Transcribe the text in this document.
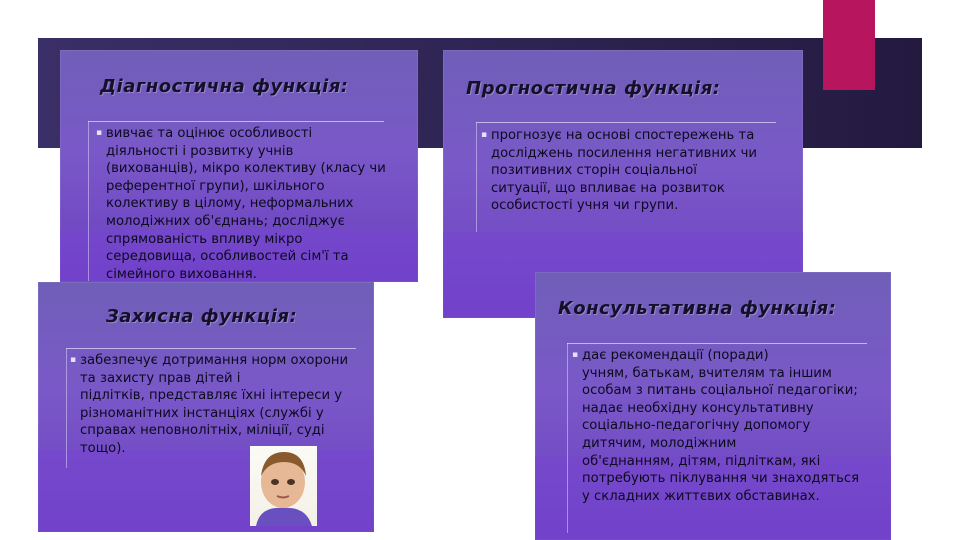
Діагностична функція:
▪ вивчає та оцінює особливості
діяльності і розвитку учнів
(вихованців), мікро колективу (класу чи
референтної групи), шкільного
колективу в цілому, неформальних
молодіжних об'єднань; досліджує
спрямованість впливу мікро
середовища, особливостей сім'ї та
сімейного виховання.
Прогностична функція:
▪ прогнозує на основі спостережень та
досліджень посилення негативних чи
позитивних сторін соціальної
ситуації, що впливає на розвиток
особистості учня чи групи.
Захисна функція:
▪ забезпечує дотримання норм охорони
та захисту прав дітей і
підлітків, представляє їхні інтереси у
різноманітних інстанціях (службі у
справах неповнолітніх, міліції, суді
тощо).
Консультативна функція:
▪ дає рекомендації (поради)
учням, батькам, вчителям та іншим
особам з питань соціальної педагогіки;
надає необхідну консультативну
соціально-педагогічну допомогу
дитячим, молодіжним
об'єднанням, дітям, підліткам, які
потребують піклування чи знаходяться
у складних життєвих обставинах.
